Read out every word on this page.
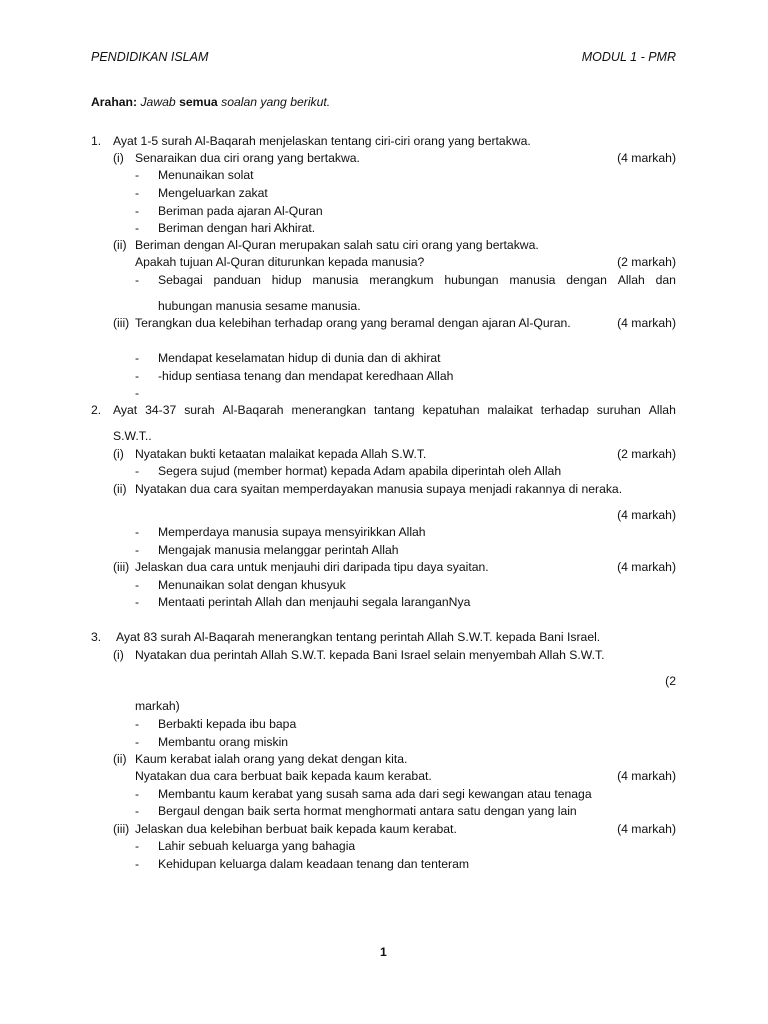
PENDIDIKAN ISLAM	MODUL 1 - PMR
Arahan: Jawab semua soalan yang berikut.
1. Ayat 1-5 surah Al-Baqarah menjelaskan tentang ciri-ciri orang yang bertakwa.
(i) Senaraikan dua ciri orang yang bertakwa.	(4 markah)
- Menunaikan solat
- Mengeluarkan zakat
- Beriman pada ajaran Al-Quran
- Beriman dengan hari Akhirat.
(ii) Beriman dengan Al-Quran merupakan salah satu ciri orang yang bertakwa.
Apakah tujuan Al-Quran diturunkan kepada manusia?	(2 markah)
- Sebagai panduan hidup manusia merangkum hubungan manusia dengan Allah dan
hubungan manusia sesame manusia.
(iii) Terangkan dua kelebihan terhadap orang yang beramal dengan ajaran Al-Quran.	(4 markah)
- Mendapat keselamatan hidup di dunia dan di akhirat
- -hidup sentiasa tenang dan mendapat keredhaan Allah
-
2. Ayat 34-37 surah Al-Baqarah menerangkan tantang kepatuhan malaikat terhadap suruhan Allah
S.W.T..
(i) Nyatakan bukti ketaatan malaikat kepada Allah S.W.T.	(2 markah)
- Segera sujud (member hormat) kepada Adam apabila diperintah oleh Allah
(ii) Nyatakan dua cara syaitan memperdayakan manusia supaya menjadi rakannya di neraka.
(4 markah)
- Memperdaya manusia supaya mensyirikkan Allah
- Mengajak manusia melanggar perintah Allah
(iii) Jelaskan dua cara untuk menjauhi diri daripada tipu daya syaitan.	(4 markah)
- Menunaikan solat dengan khusyuk
- Mentaati perintah Allah dan menjauhi segala laranganNya
3. Ayat 83 surah Al-Baqarah menerangkan tentang perintah Allah S.W.T. kepada Bani Israel.
(i) Nyatakan dua perintah Allah S.W.T. kepada Bani Israel selain menyembah Allah S.W.T.
(2
markah)
- Berbakti kepada ibu bapa
- Membantu orang miskin
(ii) Kaum kerabat ialah orang yang dekat dengan kita.
Nyatakan dua cara berbuat baik kepada kaum kerabat.	(4 markah)
- Membantu kaum kerabat yang susah sama ada dari segi kewangan atau tenaga
- Bergaul dengan baik serta hormat menghormati antara satu dengan yang lain
(iii) Jelaskan dua kelebihan berbuat baik kepada kaum kerabat.	(4 markah)
- Lahir sebuah keluarga yang bahagia
- Kehidupan keluarga dalam keadaan tenang dan tenteram
1
